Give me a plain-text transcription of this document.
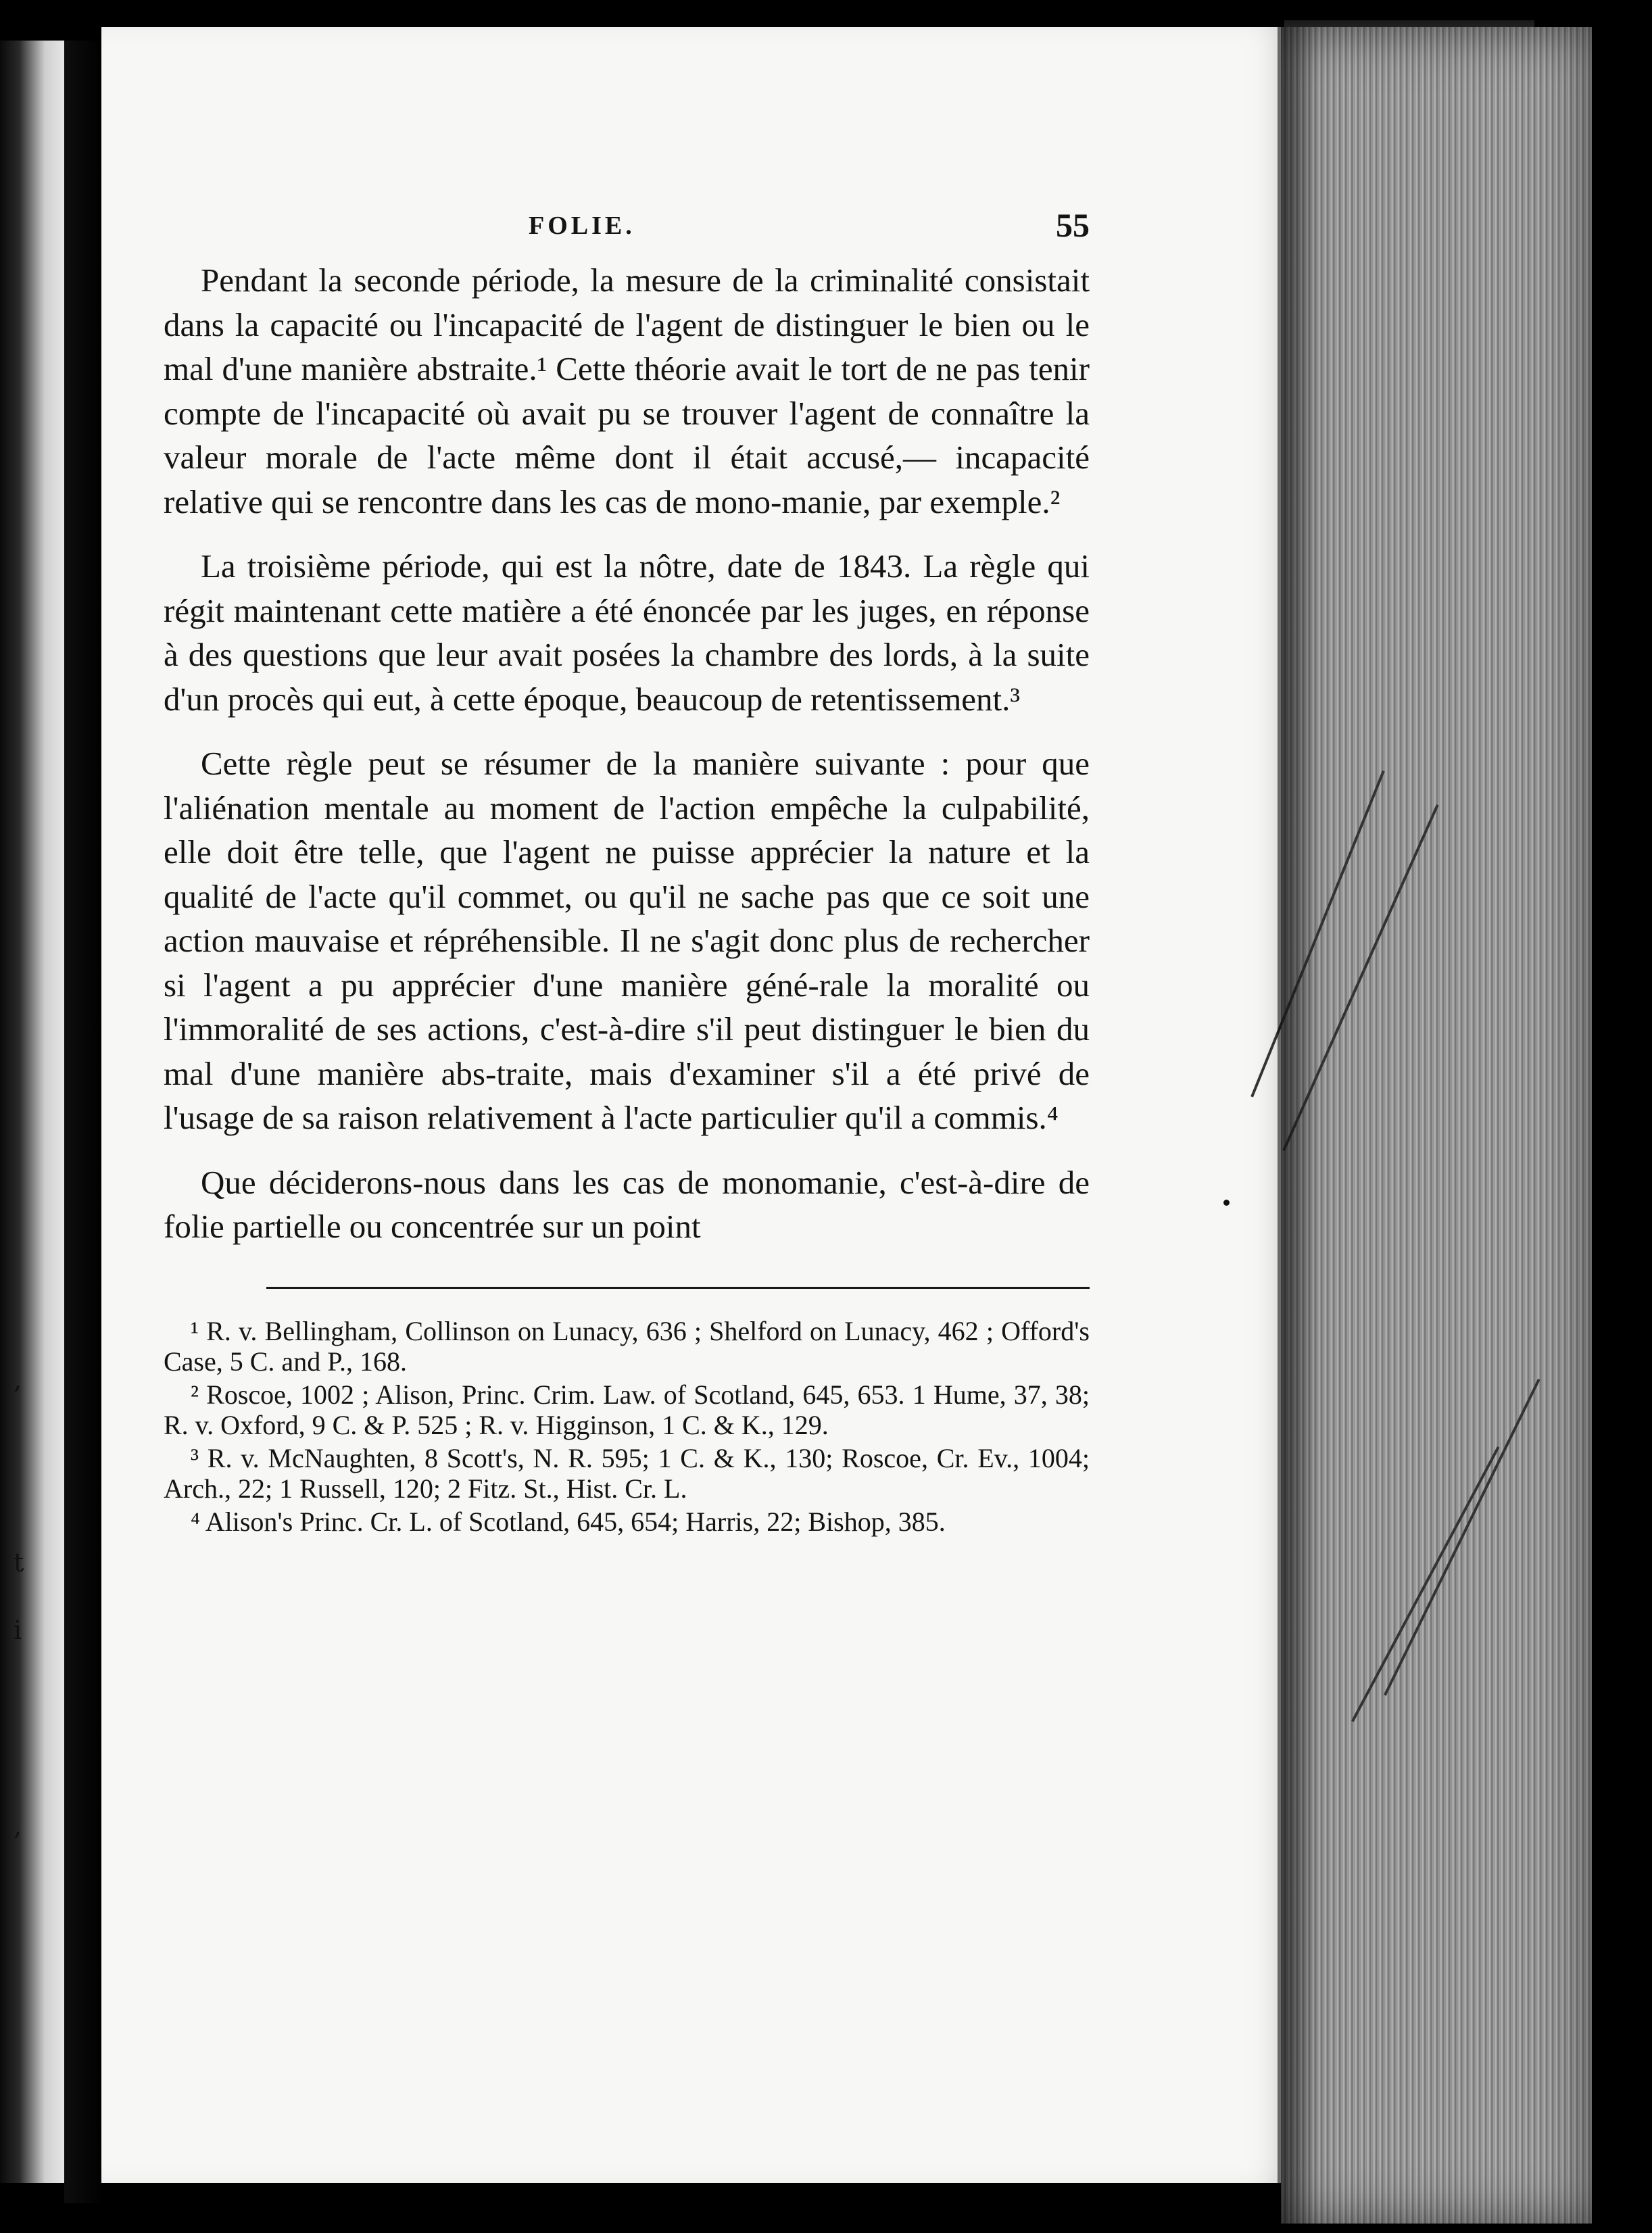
,
i
,
t
FOLIE.	55

Pendant la seconde période, la mesure de la criminalité consistait dans la capacité ou l'incapacité de l'agent de distinguer le bien ou le mal d'une manière abstraite.¹ Cette théorie avait le tort de ne pas tenir compte de l'incapacité où avait pu se trouver l'agent de connaître la valeur morale de l'acte même dont il était accusé,— incapacité relative qui se rencontre dans les cas de mono-manie, par exemple.²

La troisième période, qui est la nôtre, date de 1843. La règle qui régit maintenant cette matière a été énoncée par les juges, en réponse à des questions que leur avait posées la chambre des lords, à la suite d'un procès qui eut, à cette époque, beaucoup de retentissement.³

Cette règle peut se résumer de la manière suivante : pour que l'aliénation mentale au moment de l'action empêche la culpabilité, elle doit être telle, que l'agent ne puisse apprécier la nature et la qualité de l'acte qu'il commet, ou qu'il ne sache pas que ce soit une action mauvaise et répréhensible. Il ne s'agit donc plus de rechercher si l'agent a pu apprécier d'une manière géné-rale la moralité ou l'immoralité de ses actions, c'est-à-dire s'il peut distinguer le bien du mal d'une manière abs-traite, mais d'examiner s'il a été privé de l'usage de sa raison relativement à l'acte particulier qu'il a commis.⁴

Que déciderons-nous dans les cas de monomanie, c'est-à-dire de folie partielle ou concentrée sur un point

¹ R. v. Bellingham, Collinson on Lunacy, 636 ; Shelford on Lunacy, 462 ; Offord's Case, 5 C. and P., 168.

² Roscoe, 1002 ; Alison, Princ. Crim. Law. of Scotland, 645, 653. 1 Hume, 37, 38; R. v. Oxford, 9 C. & P. 525 ; R. v. Higginson, 1 C. & K., 129.

³ R. v. McNaughten, 8 Scott's, N. R. 595; 1 C. & K., 130; Roscoe, Cr. Ev., 1004; Arch., 22; 1 Russell, 120; 2 Fitz. St., Hist. Cr. L.

⁴ Alison's Princ. Cr. L. of Scotland, 645, 654; Harris, 22; Bishop, 385.
